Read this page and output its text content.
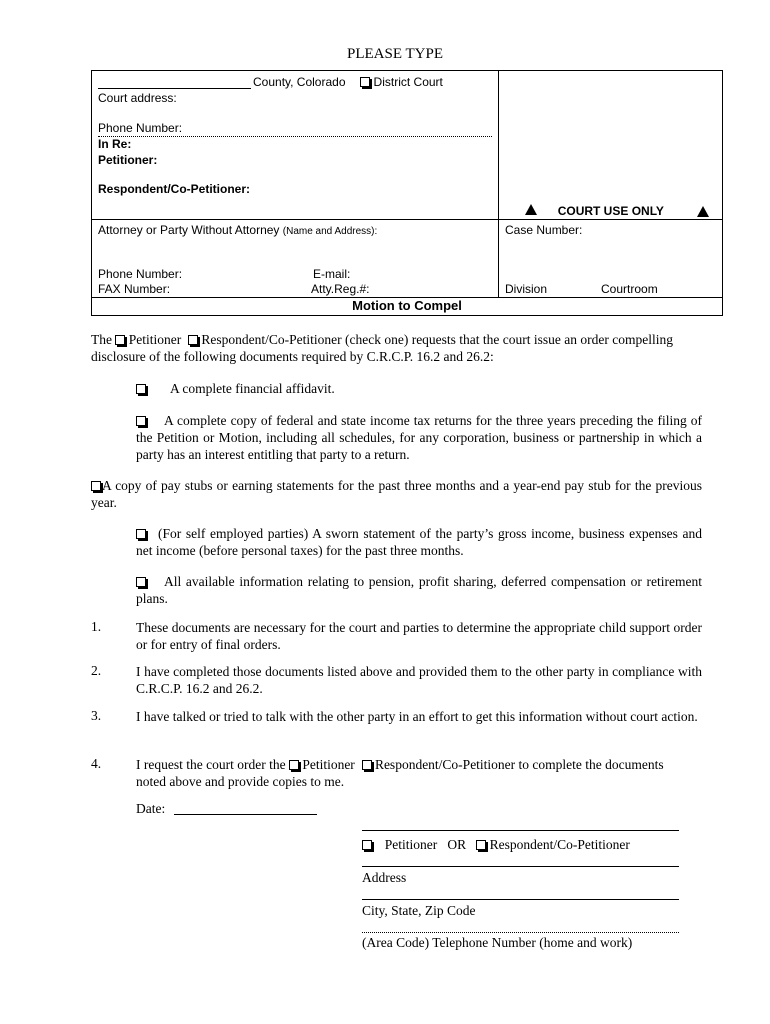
PLEASE TYPE
County, Colorado District Court
Court address:
Phone Number:
In Re:
Petitioner:
Respondent/Co-Petitioner:
COURT USE ONLY
Attorney or Party Without Attorney (Name and Address):	Case Number:
Phone Number:	E-mail:
FAX Number:	Atty.Reg.#:	Division	Courtroom
Motion to Compel

The Petitioner Respondent/Co-Petitioner (check one) requests that the court issue an order compelling

disclosure of the following documents required by C.R.C.P. 16.2 and 26.2:

A complete financial affidavit.

A complete copy of federal and state income tax returns for the three years preceding the filing of the Petition or Motion, including all schedules, for any corporation, business or partnership in which a party has an interest entitling that party to a return.

A copy of pay stubs or earning statements for the past three months and a year-end pay stub for the previous year.

(For self employed parties) A sworn statement of the party’s gross income, business expenses and net income (before personal taxes) for the past three months.

All available information relating to pension, profit sharing, deferred compensation or retirement plans.

1.	These documents are necessary for the court and parties to determine the appropriate child support order or for entry of final orders.
2.	I have completed those documents listed above and provided them to the other party in compliance with C.R.C.P. 16.2 and 26.2.
3.	I have talked or tried to talk with the other party in an effort to get this information without court action.
4.	I request the court order the Petitioner Respondent/Co-Petitioner to complete the documents

noted above and provide copies to me.

Date:
Petitioner OR Respondent/Co-Petitioner
Address
City, State, Zip Code
(Area Code) Telephone Number (home and work)
